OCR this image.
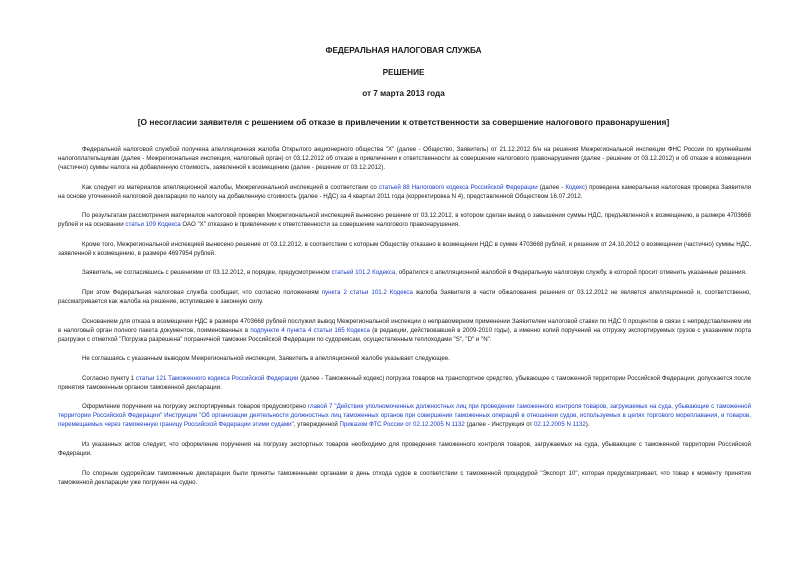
ФЕДЕРАЛЬНАЯ НАЛОГОВАЯ СЛУЖБА
РЕШЕНИЕ
от 7 марта 2013 года
[О несогласии заявителя с решением об отказе в привлечении к ответственности за совершение налогового правонарушения]

Федеральной налоговой службой получена апелляционная жалоба Открытого акционерного общества "X" (далее - Общество, Заявитель) от 21.12.2012 б/н на решения Межрегиональной инспекции ФНС России по крупнейшим налогоплательщикам (далее - Межрегиональная инспекция, налоговый орган) от 03.12.2012 об отказе в привлечении к ответственности за совершение налогового правонарушения (далее - решение от 03.12.2012) и об отказе в возмещении (частично) суммы налога на добавленную стоимость, заявленной к возмещению (далее - решение от 03.12.2012).

Как следует из материалов апелляционной жалобы, Межрегиональной инспекцией в соответствии со статьей 88 Налогового кодекса Российской Федерации (далее - Кодекс) проведена камеральная налоговая проверка Заявителя на основе уточненной налоговой декларации по налогу на добавленную стоимость (далее - НДС) за 4 квартал 2011 года (корректировка N 4), представленной Обществом 16.07.2012.

По результатам рассмотрения материалов налоговой проверки Межрегиональной инспекцией вынесено решение от 03.12.2012, в котором сделан вывод о завышении суммы НДС, предъявленной к возмещению, в размере 4703668 рублей и на основании статьи 109 Кодекса ОАО "X" отказано в привлечении к ответственности за совершение налогового правонарушения.

Кроме того, Межрегиональной инспекцией вынесено решение от 03.12.2012, в соответствии с которым Обществу отказано в возмещении НДС в сумме 4703668 рублей, и решение от 24.10.2012 о возмещении (частично) суммы НДС, заявленной к возмещению, в размере 4697954 рублей.

Заявитель, не согласившись с решениями от 03.12.2012, в порядке, предусмотренном статьей 101.2 Кодекса, обратился с апелляционной жалобой в Федеральную налоговую службу, в которой просит отменить указанные решения.

При этом Федеральная налоговая служба сообщает, что согласно положениям пункта 2 статьи 101.2 Кодекса жалоба Заявителя в части обжалования решения от 03.12.2012 не является апелляционной и, соответственно, рассматривается как жалоба на решение, вступившее в законную силу.

Основанием для отказа в возмещении НДС в размере 4703668 рублей послужил вывод Межрегиональной инспекции о неправомерном применении Заявителем налоговой ставки по НДС 0 процентов в связи с непредставлением им в налоговый орган полного пакета документов, поименованных в подпункте 4 пункта 4 статьи 165 Кодекса (в редакции, действовавшей в 2009-2010 годы), а именно копий поручений на отгрузку экспортируемых грузов с указанием порта разгрузки с отметкой "Погрузка разрешена" пограничной таможни Российской Федерации по судоремсам, осуществленным теплоходами "S", "D" и "N".

Не соглашаясь с указанным выводом Межрегиональной инспекции, Заявитель в апелляционной жалобе указывает следующее.

Согласно пункту 1 статьи 121 Таможенного кодекса Российской Федерации (далее - Таможенный кодекс) погрузка товаров на транспортное средство, убывающее с таможенной территории Российской Федерации, допускается после принятия таможенным органом таможенной декларации.

Оформление поручения на погрузку экспортируемых товаров предусмотрено главой 7 "Действия уполномоченных должностных лиц при проведении таможенного контроля товаров, загружаемых на суда, убывающие с таможенной территории Российской Федерации" Инструкции "Об организации деятельности должностных лиц таможенных органов при совершении таможенных операций в отношении судов, используемых в целях торгового мореплавания, и товаров, перемещаемых через таможенную границу Российской Федерации этими судами", утвержденной Приказом ФТС России от 02.12.2005 N 1132 (далее - Инструкция от 02.12.2005 N 1132).

Из указанных актов следует, что оформление поручения на погрузку экспортных товаров необходимо для проведения таможенного контроля товаров, загружаемых на суда, убывающие с таможенной территории Российской Федерации.

По спорным судорейсам таможенные декларации были приняты таможенными органами в день отхода судов в соответствии с таможенной процедурой "Экспорт 10", которая предусматривает, что товар к моменту принятия таможенной декларации уже погружен на судно.
